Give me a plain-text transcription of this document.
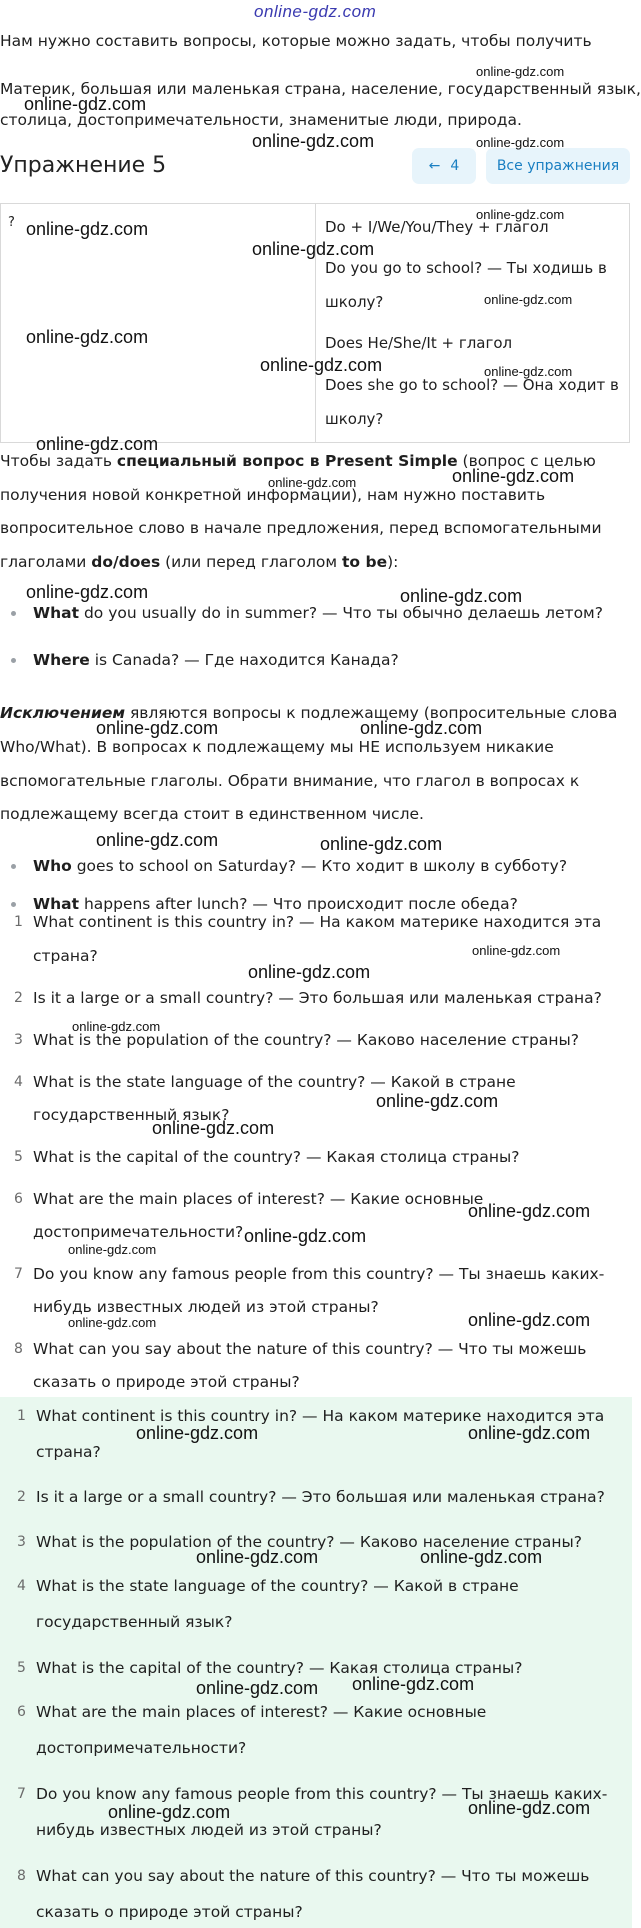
online-gdz.com
Нам нужно составить вопросы, которые можно задать, чтобы получить
Материк, большая или маленькая страна, население, государственный язык,
столица, достопримечательности, знаменитые люди, природа.
Упражнение 5	← 4	Все упражнения
?	Do + I/We/You/They + глагол
Do you go to school? — Ты ходишь в
школу?
Does He/She/It + глагол
Does she go to school? — Она ходит в
школу?
Чтобы задать специальный вопрос в Present Simple (вопрос с целью
получения новой конкретной информации), нам нужно поставить
вопросительное слово в начале предложения, перед вспомогательными
глаголами do/does (или перед глаголом to be):
What do you usually do in summer? — Что ты обычно делаешь летом?
Where is Canada? — Где находится Канада?
Исключением являются вопросы к подлежащему (вопросительные слова
Who/What). В вопросах к подлежащему мы НЕ используем никакие
вспомогательные глаголы. Обрати внимание, что глагол в вопросах к
подлежащему всегда стоит в единственном числе.
Who goes to school on Saturday? — Кто ходит в школу в субботу?
What happens after lunch? — Что происходит после обеда?
1 What continent is this country in? — На каком материке находится эта
страна?
2 Is it a large or a small country? — Это большая или маленькая страна?
3 What is the population of the country? — Каково население страны?
4 What is the state language of the country? — Какой в стране
государственный язык?
5 What is the capital of the country? — Какая столица страны?
6 What are the main places of interest? — Какие основные
достопримечательности?
7 Do you know any famous people from this country? — Ты знаешь каких-
нибудь известных людей из этой страны?
8 What can you say about the nature of this country? — Что ты можешь
сказать о природе этой страны?
1 What continent is this country in? — На каком материке находится эта
страна?
2 Is it a large or a small country? — Это большая или маленькая страна?
3 What is the population of the country? — Каково население страны?
4 What is the state language of the country? — Какой в стране
государственный язык?
5 What is the capital of the country? — Какая столица страны?
6 What are the main places of interest? — Какие основные
достопримечательности?
7 Do you know any famous people from this country? — Ты знаешь каких-
нибудь известных людей из этой страны?
8 What can you say about the nature of this country? — Что ты можешь
сказать о природе этой страны?
online-gdz.com
online-gdz.com
online-gdz.com	online-gdz.com
online-gdz.com
online-gdz.com
online-gdz.com
online-gdz.com
online-gdz.com
online-gdz.com	online-gdz.com
online-gdz.com
online-gdz.com	online-gdz.com
online-gdz.com	online-gdz.com
online-gdz.com	online-gdz.com
online-gdz.com	online-gdz.com
online-gdz.com
online-gdz.com
online-gdz.com
online-gdz.com
online-gdz.com
online-gdz.com
online-gdz.com
online-gdz.com
online-gdz.com
online-gdz.com
online-gdz.com	online-gdz.com
online-gdz.com	online-gdz.com
online-gdz.com online-gdz.com
online-gdz.com	online-gdz.com
